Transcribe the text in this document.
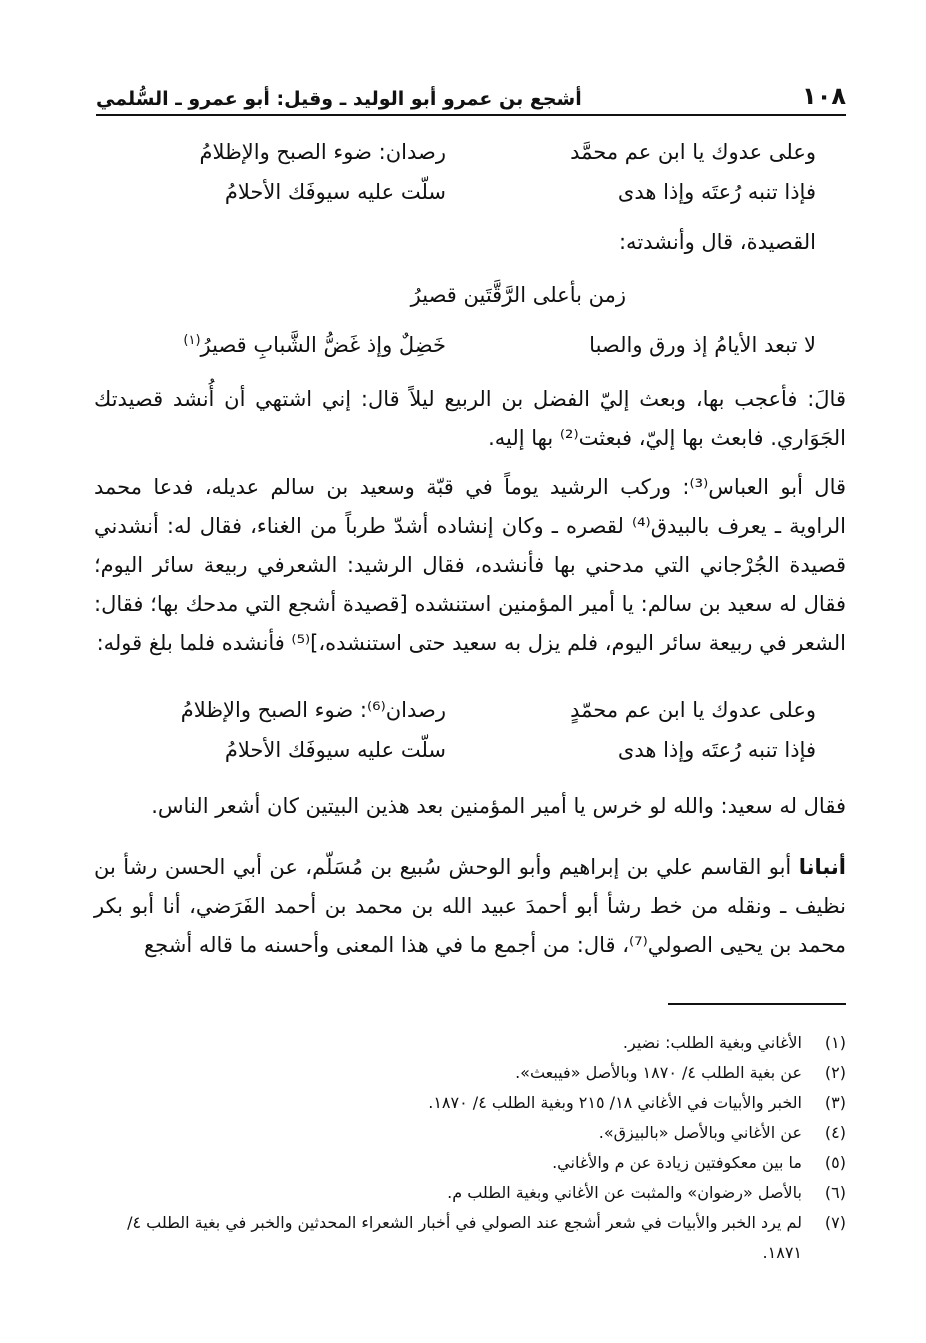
١٠٨
أشجع بن عمرو أبو الوليد ـ وقيل: أبو عمرو ـ السُّلمي
وعلى عدوك يا ابن عم محمَّد
رصدان: ضوء الصبح والإظلامُ
فإذا تنبه رُعتَه وإذا هدى
سلّت عليه سيوفَك الأحلامُ
القصيدة، قال وأنشدته:
زمن بأعلى الرَّقَّتَين قصيرُ
لا تبعد الأيامُ إذ ورق والصبا
خَضِلٌ وإذ غَضُّ الشَّبابِ قصيرُ$^{(١)}$

قالَ: فأعجب بها، وبعث إليّ الفضل بن الربيع ليلاً قال: إني اشتهي أن أُنشد قصيدتك الجَوَاري. فابعث بها إليّ، فبعثت⁽²⁾ بها إليه.

قال أبو العباس⁽³⁾: وركب الرشيد يوماً في قبّة وسعيد بن سالم عديله، فدعا محمد الراوية ـ يعرف بالبيدق⁽⁴⁾ لقصره ـ وكان إنشاده أشدّ طرباً من الغناء، فقال له: أنشدني قصيدة الجُرْجاني التي مدحني بها فأنشده، فقال الرشيد: الشعرفي ربيعة سائر اليوم؛ فقال له سعيد بن سالم: يا أمير المؤمنين استنشده [قصيدة أشجع التي مدحك بها؛ فقال: الشعر في ربيعة سائر اليوم، فلم يزل به سعيد حتى استنشده،]⁽⁵⁾ فأنشده فلما بلغ قوله:

وعلى عدوك يا ابن عم محمّدٍ
رصدان⁽⁶⁾: ضوء الصبح والإظلامُ
فإذا تنبه رُعتَه وإذا هدى
سلّت عليه سيوفَك الأحلامُ

فقال له سعيد: والله لو خرس يا أمير المؤمنين بعد هذين البيتين كان أشعر الناس.

أنبانا أبو القاسم علي بن إبراهيم وأبو الوحش سُبيع بن مُسَلّم، عن أبي الحسن رشأ بن نظيف ـ ونقله من خط رشأ أبو أحمدَ عبيد الله بن محمد بن أحمد الفَرَضي، أنا أبو بكر محمد بن يحيى الصولي⁽⁷⁾، قال: من أجمع ما في هذا المعنى وأحسنه ما قاله أشجع

(١)
الأغاني وبغية الطلب: نضير.
(٢)
عن بغية الطلب ٤/ ١٨٧٠ وبالأصل «فيبعث».
(٣)
الخبر والأبيات في الأغاني ١٨/ ٢١٥ وبغية الطلب ٤/ ١٨٧٠.
(٤)
عن الأغاني وبالأصل «بالبيزق».
(٥)
ما بين معكوفتين زيادة عن م والأغاني.
(٦)
بالأصل «رضوان» والمثبت عن الأغاني وبغية الطلب م.
(٧)
لم يرد الخبر والأبيات في شعر أشجع عند الصولي في أخبار الشعراء المحدثين والخبر في بغية الطلب ٤/ ١٨٧١.
